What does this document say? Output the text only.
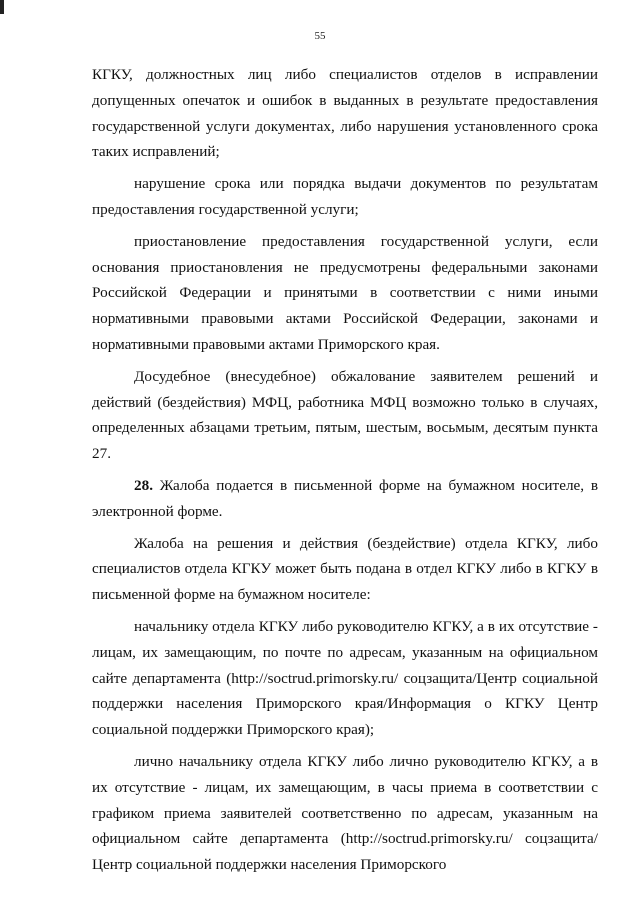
55

КГКУ, должностных лиц либо специалистов отделов в исправлении допущенных опечаток и ошибок в выданных в результате предоставления государственной услуги документах, либо нарушения установленного срока таких исправлений;

нарушение срока или порядка выдачи документов по результатам предоставления государственной услуги;

приостановление предоставления государственной услуги, если основания приостановления не предусмотрены федеральными законами Российской Федерации и принятыми в соответствии с ними иными нормативными правовыми актами Российской Федерации, законами и нормативными правовыми актами Приморского края.

Досудебное (внесудебное) обжалование заявителем решений и действий (бездействия) МФЦ, работника МФЦ возможно только в случаях, определенных абзацами третьим, пятым, шестым, восьмым, десятым пункта 27.

28. Жалоба подается в письменной форме на бумажном носителе, в электронной форме.

Жалоба на решения и действия (бездействие) отдела КГКУ, либо специалистов отдела КГКУ может быть подана в отдел КГКУ либо в КГКУ в письменной форме на бумажном носителе:

начальнику отдела КГКУ либо руководителю КГКУ, а в их отсутствие - лицам, их замещающим, по почте по адресам, указанным на официальном сайте департамента (http://soctrud.primorsky.ru/ соцзащита/Центр социальной поддержки населения Приморского края/Информация о КГКУ Центр социальной поддержки Приморского края);

лично начальнику отдела КГКУ либо лично руководителю КГКУ, а в их отсутствие - лицам, их замещающим, в часы приема в соответствии с графиком приема заявителей соответственно по адресам, указанным на официальном сайте департамента (http://soctrud.primorsky.ru/ соцзащита/Центр социальной поддержки населения Приморского
